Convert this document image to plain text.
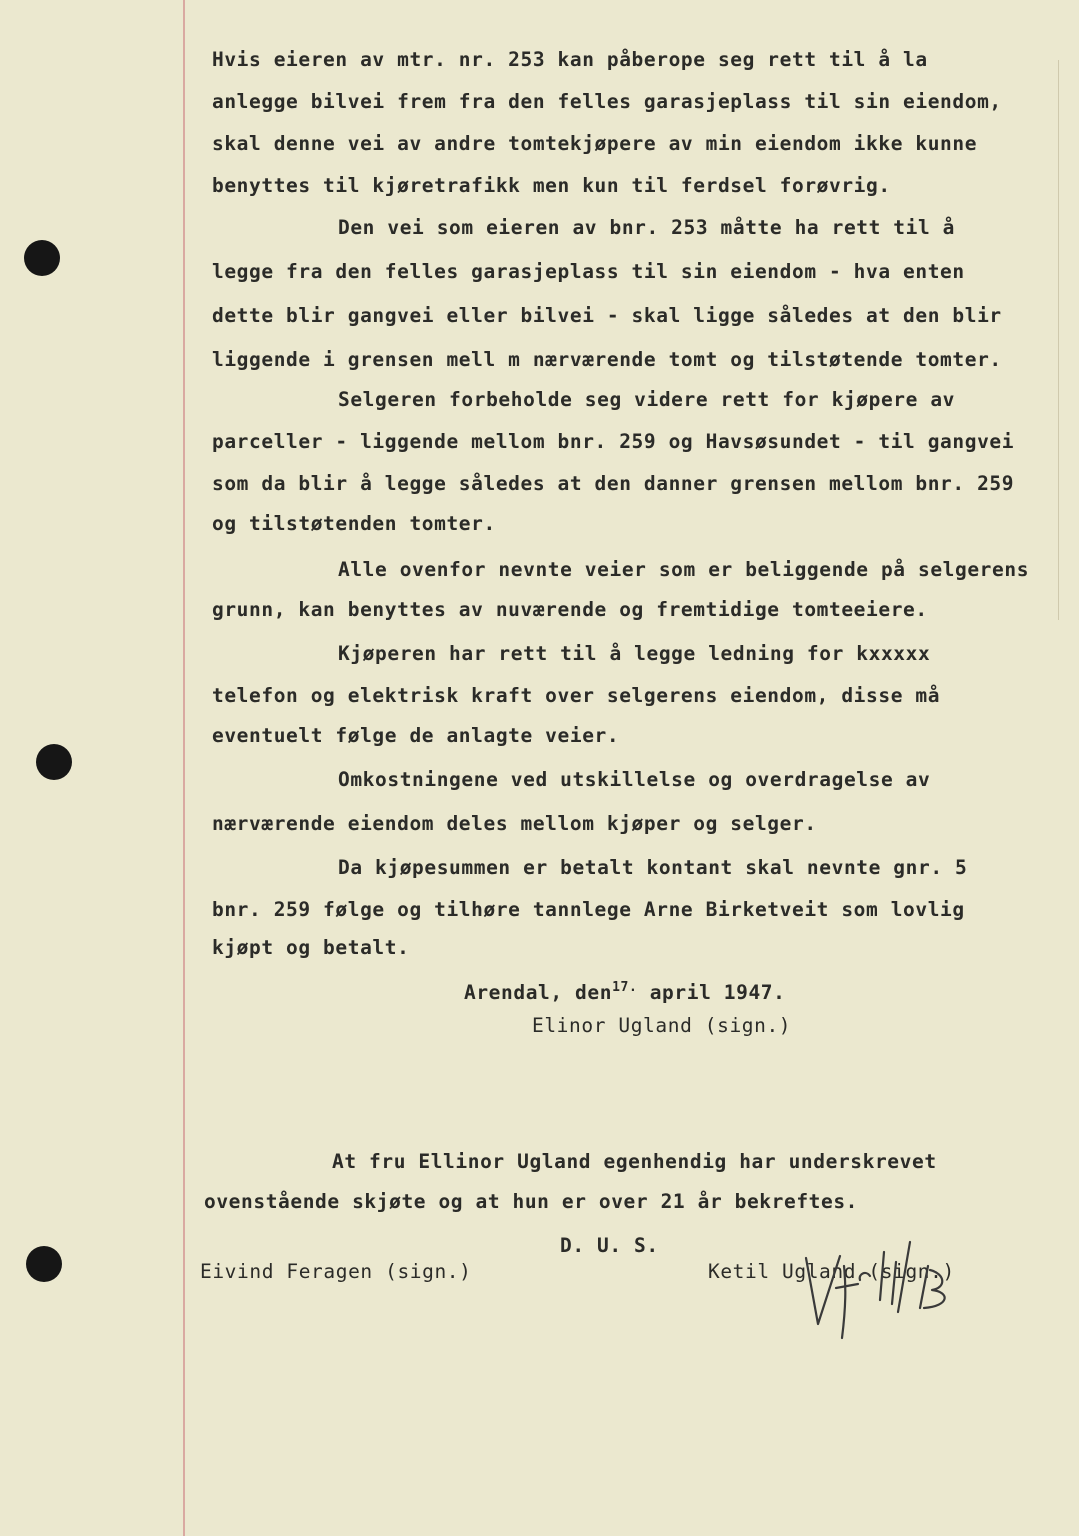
Hvis eieren av mtr. nr. 253 kan påberope seg rett til å la
anlegge bilvei frem fra den felles garasjeplass til sin eiendom,
skal denne vei av andre tomtekjøpere av min eiendom ikke kunne
benyttes til kjøretrafikk men kun til ferdsel forøvrig.
Den vei som eieren av bnr. 253 måtte ha rett til å
legge fra den felles garasjeplass til sin eiendom - hva enten
dette blir gangvei eller bilvei - skal ligge således at den blir
liggende i grensen mell m nærværende tomt og tilstøtende tomter.
Selgeren forbeholde seg videre rett for kjøpere av
parceller - liggende mellom bnr. 259 og Havsøsundet - til gangvei
som da blir å legge således at den danner grensen mellom bnr. 259
og tilstøtenden tomter.
Alle ovenfor nevnte veier som er beliggende på selgerens
grunn, kan benyttes av nuværende og fremtidige tomteeiere.
Kjøperen har rett til å legge ledning for kxxxxx
telefon og elektrisk kraft over selgerens eiendom, disse må
eventuelt følge de anlagte veier.
Omkostningene ved utskillelse og overdragelse av
nærværende eiendom deles mellom kjøper og selger.
Da kjøpesummen er betalt kontant skal nevnte gnr. 5
bnr. 259 følge og tilhøre tannlege Arne Birketveit som lovlig
kjøpt og betalt.
Arendal, den$^{17.}$ april 1947.
Elinor Ugland (sign.)
At fru Ellinor Ugland egenhendig har underskrevet
ovenstående skjøte og at hun er over 21 år bekreftes.
D. U. S.
Eivind Feragen (sign.)	Ketil Ugland (sign.)
